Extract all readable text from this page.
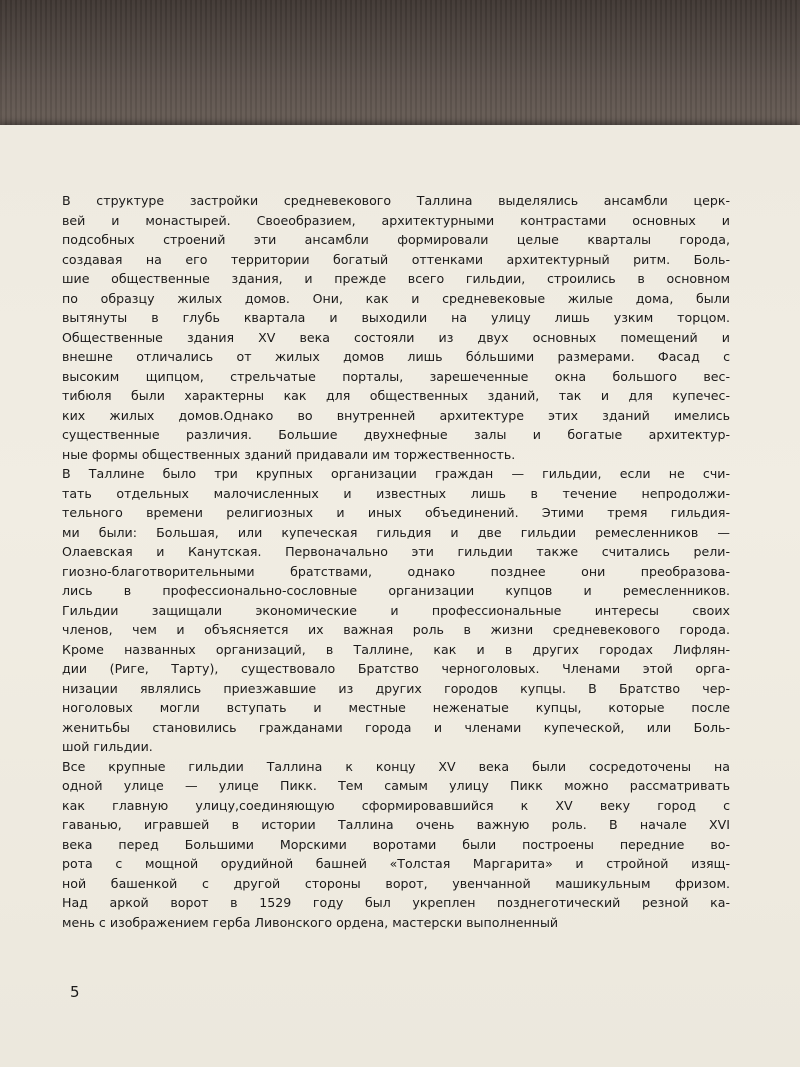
В структуре застройки средневекового Таллина выделялись ансамбли церк-
вей и монастырей. Своеобразием, архитектурными контрастами основных и
подсобных строений эти ансамбли формировали целые кварталы города,
создавая на его территории богатый оттенками архитектурный ритм. Боль-
шие общественные здания, и прежде всего гильдии, строились в основном
по образцу жилых домов. Они, как и средневековые жилые дома, были
вытянуты в глубь квартала и выходили на улицу лишь узким торцом.
Общественные здания XV века состояли из двух основных помещений и
внешне отличались от жилых домов лишь бо́льшими размерами. Фасад с
высоким щипцом, стрельчатые порталы, зарешеченные окна большого вес-
тибюля были характерны как для общественных зданий, так и для купечес-
ких жилых домов.Однако во внутренней архитектуре этих зданий имелись
существенные различия. Большие двухнефные залы и богатые архитектур-
ные формы общественных зданий придавали им торжественность.
В Таллине было три крупных организации граждан — гильдии, если не счи-
тать отдельных малочисленных и известных лишь в течение непродолжи-
тельного времени религиозных и иных объединений. Этими тремя гильдия-
ми были: Большая, или купеческая гильдия и две гильдии ремесленников —
Олаевская и Канутская. Первоначально эти гильдии также считались рели-
гиозно-благотворительными братствами, однако позднее они преобразова-
лись в профессионально-сословные организации купцов и ремесленников.
Гильдии защищали экономические и профессиональные интересы своих
членов, чем и объясняется их важная роль в жизни средневекового города.
Кроме названных организаций, в Таллине, как и в других городах Лифлян-
дии (Риге, Тарту), существовало Братство черноголовых. Членами этой орга-
низации являлись приезжавшие из других городов купцы. В Братство чер-
ноголовых могли вступать и местные неженатые купцы, которые после
женитьбы становились гражданами города и членами купеческой, или Боль-
шой гильдии.
Все крупные гильдии Таллина к концу XV века были сосредоточены на
одной улице — улице Пикк. Тем самым улицу Пикк можно рассматривать
как главную улицу,соединяющую сформировавшийся к XV веку город с
гаванью, игравшей в истории Таллина очень важную роль. В начале XVI
века перед Большими Морскими воротами были построены передние во-
рота с мощной орудийной башней «Толстая Маргарита» и стройной изящ-
ной башенкой с другой стороны ворот, увенчанной машикульным фризом.
Над аркой ворот в 1529 году был укреплен позднеготический резной ка-
мень с изображением герба Ливонского ордена, мастерски выполненный
5
